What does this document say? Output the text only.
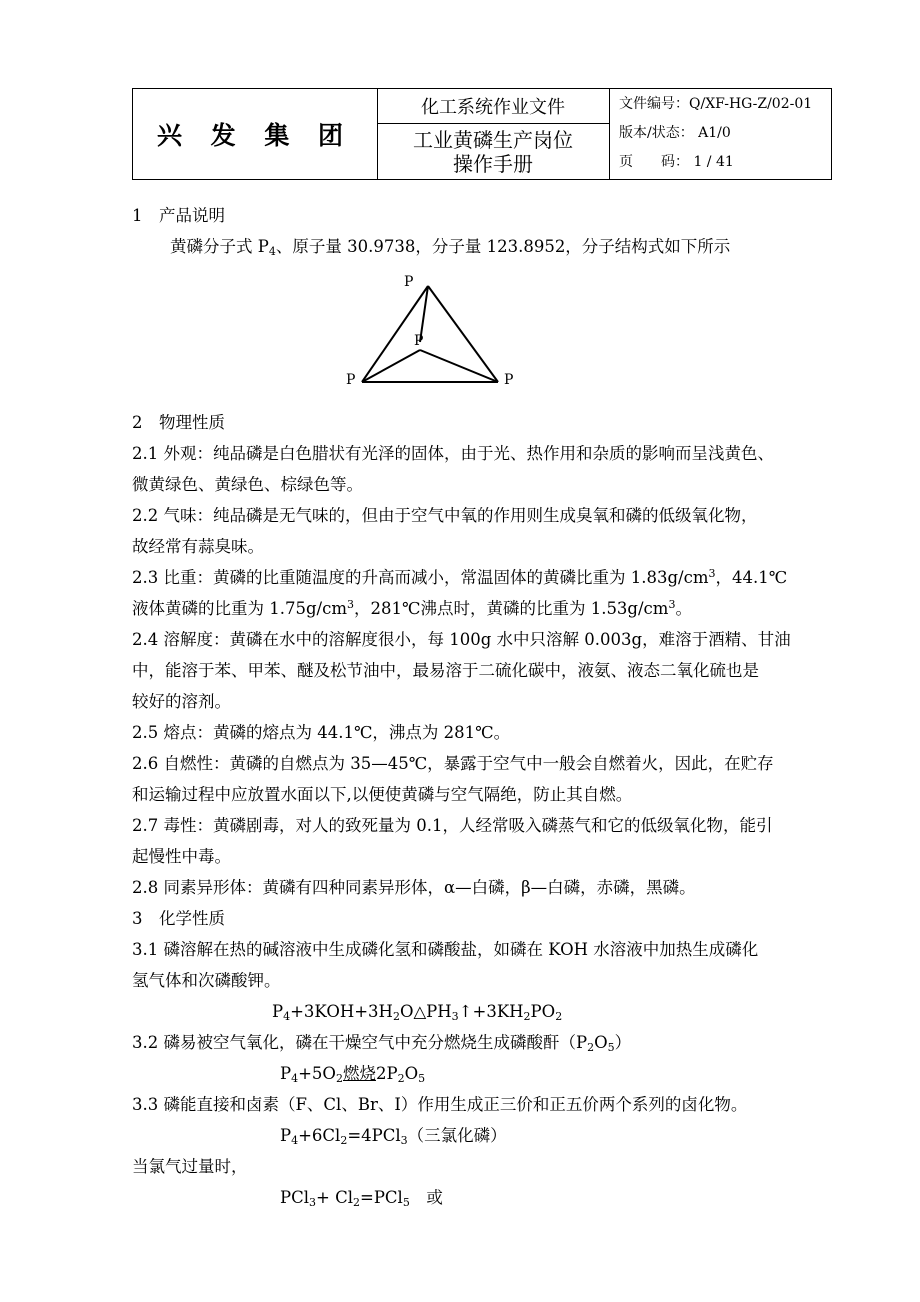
兴 发 集 团
化工系统作业文件
工业黄磷生产岗位
操作手册
文件编号：Q/XF-HG-Z/02-01
版本/状态： A1/0
页　　码： 1 / 41

1　产品说明

黄磷分子式 $P_4$、原子量 30.9738，分子量 123.8952，分子结构式如下所示

P
P
P	P

2　物理性质

2.1 外观：纯品磷是白色腊状有光泽的固体，由于光、热作用和杂质的影响而呈浅黄色、

微黄绿色、黄绿色、棕绿色等。

2.2 气味：纯品磷是无气味的，但由于空气中氧的作用则生成臭氧和磷的低级氧化物，

故经常有蒜臭味。

2.3 比重：黄磷的比重随温度的升高而减小，常温固体的黄磷比重为 $1.83g/cm^3$，44.1℃

液体黄磷的比重为 $1.75g/cm^3$，281℃沸点时，黄磷的比重为 $1.53g/cm^3$。

2.4 溶解度：黄磷在水中的溶解度很小，每 100g 水中只溶解 0.003g，难溶于酒精、甘油

中，能溶于苯、甲苯、醚及松节油中，最易溶于二硫化碳中，液氨、液态二氧化硫也是

较好的溶剂。

2.5 熔点：黄磷的熔点为 44.1℃，沸点为 281℃。

2.6 自燃性：黄磷的自燃点为 35—45℃，暴露于空气中一般会自燃着火，因此，在贮存

和运输过程中应放置水面以下,以便使黄磷与空气隔绝，防止其自燃。

2.7 毒性：黄磷剧毒，对人的致死量为 0.1，人经常吸入磷蒸气和它的低级氧化物，能引

起慢性中毒。

2.8 同素异形体：黄磷有四种同素异形体，α—白磷，β—白磷，赤磷，黑磷。

3　化学性质

3.1 磷溶解在热的碱溶液中生成磷化氢和磷酸盐，如磷在 KOH 水溶液中加热生成磷化

氢气体和次磷酸钾。

$P_4+3KOH+3H_2O\triangle PH_3↑+3KH_2PO_2$

3.2 磷易被空气氧化，磷在干燥空气中充分燃烧生成磷酸酐$(P_2O_5)$

$P_4+5O_2$燃烧$2P_2O_5$

3.3 磷能直接和卤素（F、Cl、Br、I）作用生成正三价和正五价两个系列的卤化物。

$P_4+6Cl_2=4PCl_3$（三氯化磷）

当氯气过量时，

$PCl_3+ Cl_2=PCl_5$　或
